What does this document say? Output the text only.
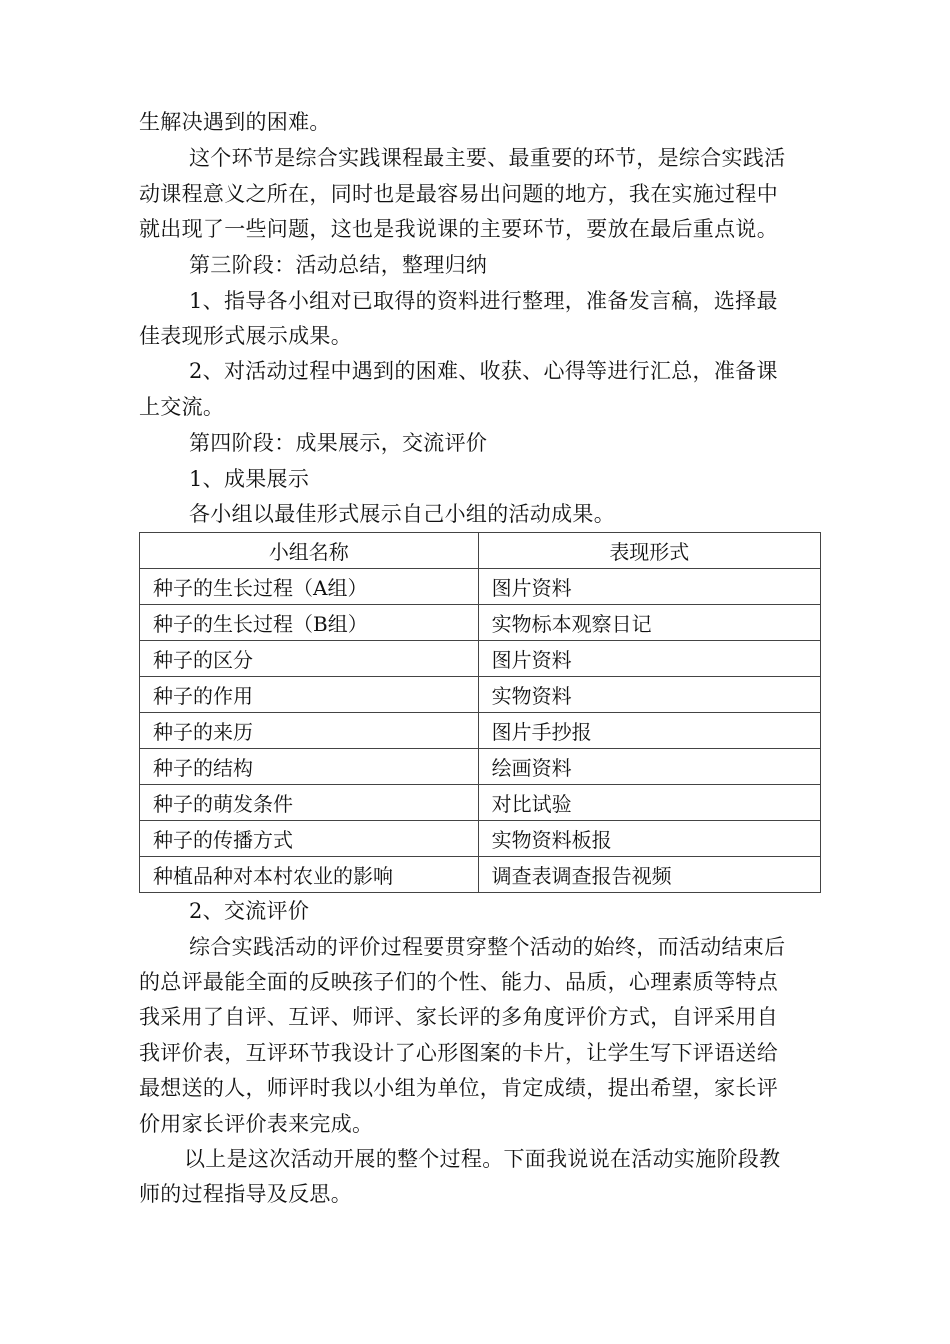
生解决遇到的困难。
这个环节是综合实践课程最主要、最重要的环节，是综合实践活
动课程意义之所在，同时也是最容易出问题的地方，我在实施过程中
就出现了一些问题，这也是我说课的主要环节，要放在最后重点说。
第三阶段：活动总结，整理归纳
1、指导各小组对已取得的资料进行整理，准备发言稿，选择最
佳表现形式展示成果。
2、对活动过程中遇到的困难、收获、心得等进行汇总，准备课
上交流。
第四阶段：成果展示，交流评价
1、成果展示
各小组以最佳形式展示自己小组的活动成果。
小组名称	表现形式
种子的生长过程（A组）	图片资料
种子的生长过程（B组）	实物标本观察日记
种子的区分	图片资料
种子的作用	实物资料
种子的来历	图片手抄报
种子的结构	绘画资料
种子的萌发条件	对比试验
种子的传播方式	实物资料板报
种植品种对本村农业的影响	调查表调查报告视频
2、交流评价
综合实践活动的评价过程要贯穿整个活动的始终，而活动结束后
的总评最能全面的反映孩子们的个性、能力、品质，心理素质等特点
我采用了自评、互评、师评、家长评的多角度评价方式，自评采用自
我评价表，互评环节我设计了心形图案的卡片，让学生写下评语送给
最想送的人，师评时我以小组为单位，肯定成绩，提出希望，家长评
价用家长评价表来完成。
以上是这次活动开展的整个过程。下面我说说在活动实施阶段教
师的过程指导及反思。
